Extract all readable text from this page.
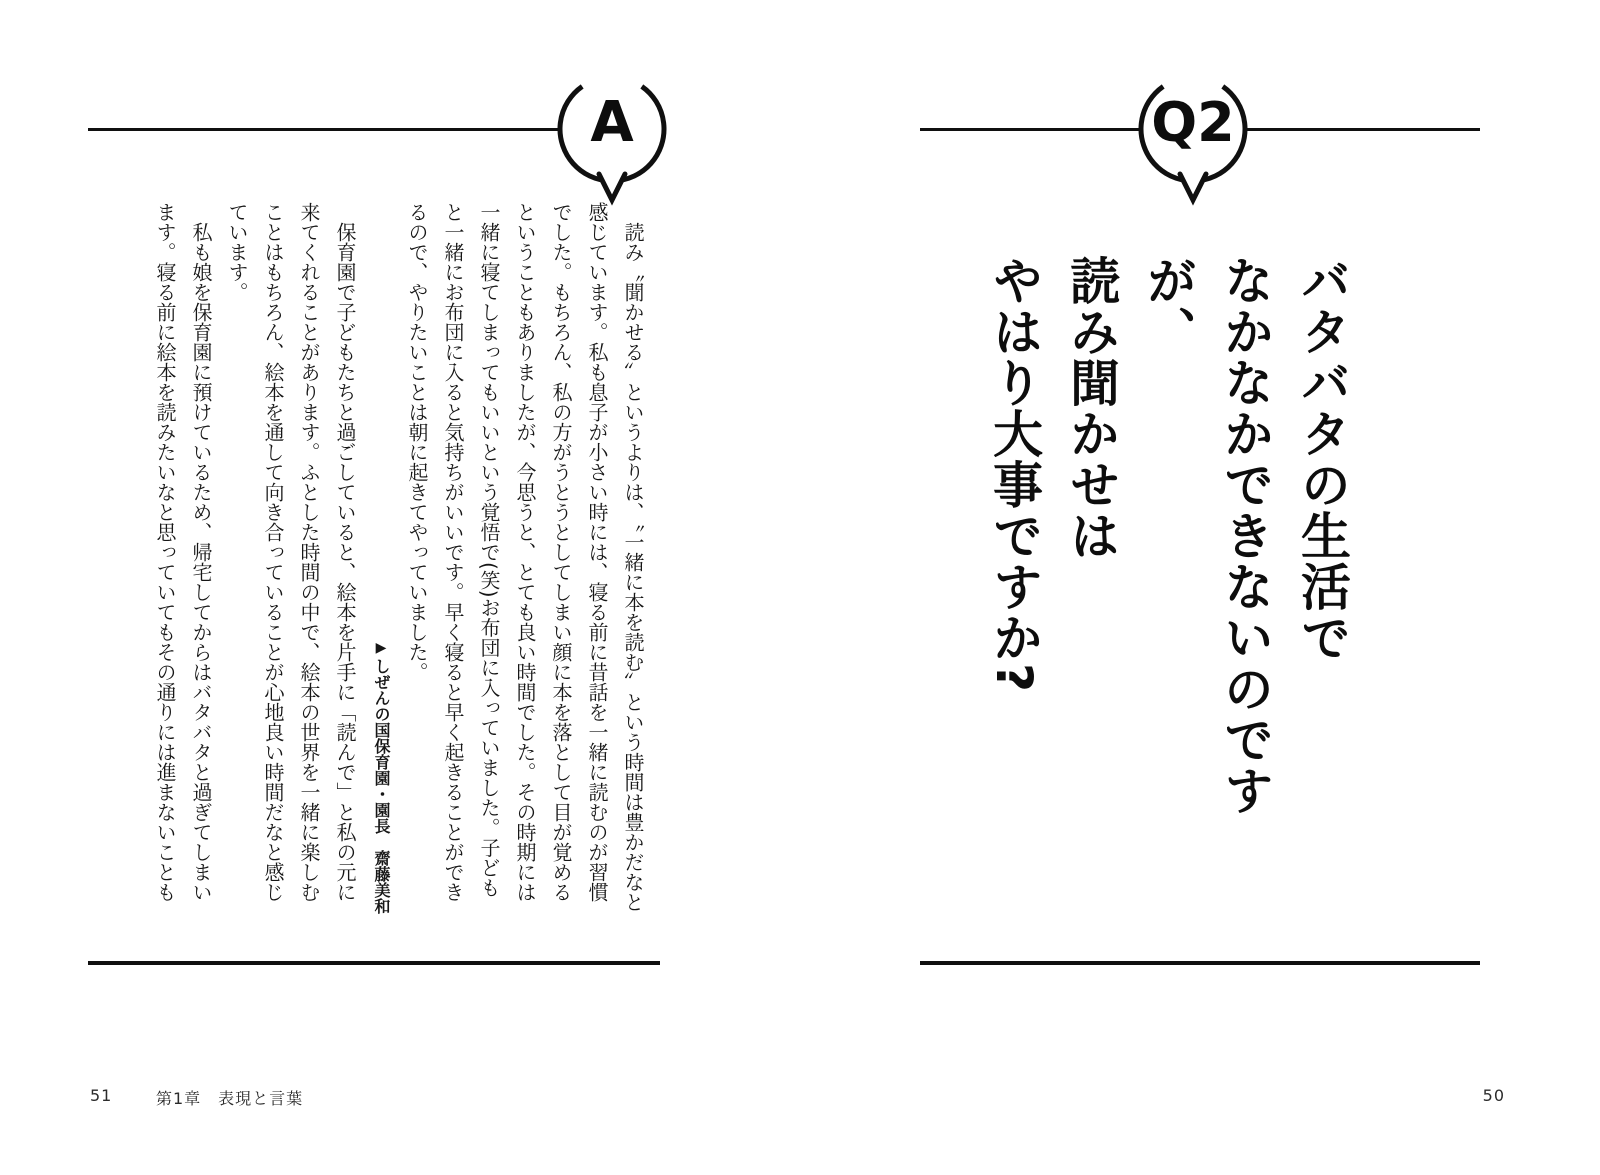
A

読み〝聞かせる〟というよりは、〝一緒に本を読む〟という時間は豊かだなと感じています。私も息子が小さい時には、寝る前に昔話を一緒に読むのが習慣でした。もちろん、私の方がうとうとしてしまい顔に本を落として目が覚めるということもありましたが、今思うと、とても良い時間でした。その時期には一緒に寝てしまってもいいという覚悟で(笑)お布団に入っていました。子どもと一緒にお布団に入ると気持ちがいいです。早く寝ると早く起きることができるので、やりたいことは朝に起きてやっていました。

▶しぜんの国保育園・園長　齋藤美和

保育園で子どもたちと過ごしていると、絵本を片手に「読んで」と私の元に来てくれることがあります。ふとした時間の中で、絵本の世界を一緒に楽しむことはもちろん、絵本を通して向き合っていることが心地良い時間だなと感じています。

私も娘を保育園に預けているため、帰宅してからはバタバタと過ぎてしまいます。寝る前に絵本を読みたいなと思っていてもその通りには進まないことも

51	第1章　表現と言葉
Q2
バタバタの生活で
なかなかできないのですが、
読み聞かせは
やはり大事ですか?
50
